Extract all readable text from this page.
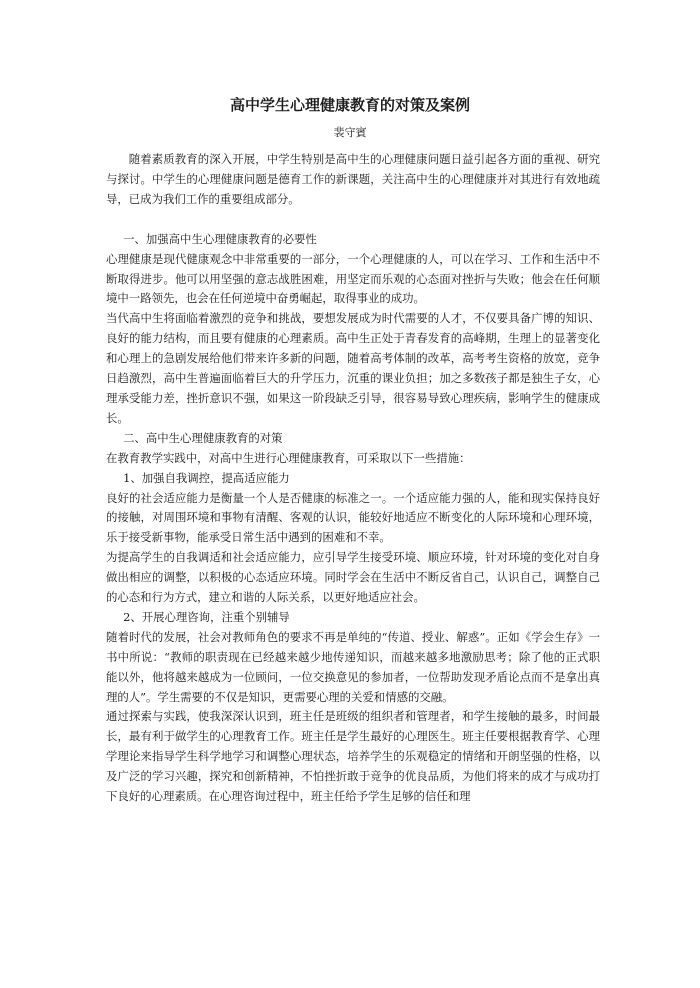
高中学生心理健康教育的对策及案例
裴守賓

随着素质教育的深入开展，中学生特别是高中生的心理健康问题日益引起各方面的重视、研究与探讨。中学生的心理健康问题是德育工作的新课题，关注高中生的心理健康并对其进行有效地疏导，已成为我们工作的重要组成部分。

一、加强高中生心理健康教育的必要性

心理健康是现代健康观念中非常重要的一部分，一个心理健康的人，可以在学习、工作和生活中不断取得进步。他可以用坚强的意志战胜困难，用坚定而乐观的心态面对挫折与失败；他会在任何顺境中一路领先，也会在任何逆境中奋勇崛起，取得事业的成功。

当代高中生将面临着激烈的竞争和挑战，要想发展成为时代需要的人才，不仅要具备广博的知识、良好的能力结构，而且要有健康的心理素质。高中生正处于青春发育的高峰期，生理上的显著变化和心理上的急剧发展给他们带来许多新的问题，随着高考体制的改革，高考考生资格的放宽，竞争日趋激烈，高中生普遍面临着巨大的升学压力，沉重的课业负担；加之多数孩子都是独生子女，心理承受能力差，挫折意识不强，如果这一阶段缺乏引导，很容易导致心理疾病，影响学生的健康成长。

二、高中生心理健康教育的对策

在教育教学实践中，对高中生进行心理健康教育，可采取以下一些措施：

1、加强自我调控，提高适应能力

良好的社会适应能力是衡量一个人是否健康的标准之一。一个适应能力强的人，能和现实保持良好的接触，对周围环境和事物有清醒、客观的认识，能较好地适应不断变化的人际环境和心理环境，乐于接受新事物，能承受日常生活中遇到的困难和不幸。

为提高学生的自我调适和社会适应能力，应引导学生接受环境、顺应环境，针对环境的变化对自身做出相应的调整，以积极的心态适应环境。同时学会在生活中不断反省自己，认识自己，调整自己的心态和行为方式，建立和谐的人际关系，以更好地适应社会。

2、开展心理咨询，注重个别辅导

随着时代的发展，社会对教师角色的要求不再是单纯的“传道、授业、解惑”。正如《学会生存》一书中所说：“教师的职责现在已经越来越少地传递知识，而越来越多地激励思考；除了他的正式职能以外，他将越来越成为一位顾问，一位交换意见的参加者，一位帮助发现矛盾论点而不是拿出真理的人”。学生需要的不仅是知识，更需要心理的关爱和情感的交融。

通过探索与实践，使我深深认识到，班主任是班级的组织者和管理者，和学生接触的最多，时间最长，最有利于做学生的心理教育工作。班主任是学生最好的心理医生。班主任要根据教育学、心理学理论来指导学生科学地学习和调整心理状态，培养学生的乐观稳定的情绪和开朗坚强的性格，以及广泛的学习兴趣，探究和创新精神，不怕挫折敢于竞争的优良品质，为他们将来的成才与成功打下良好的心理素质。在心理咨询过程中，班主任给予学生足够的信任和理
